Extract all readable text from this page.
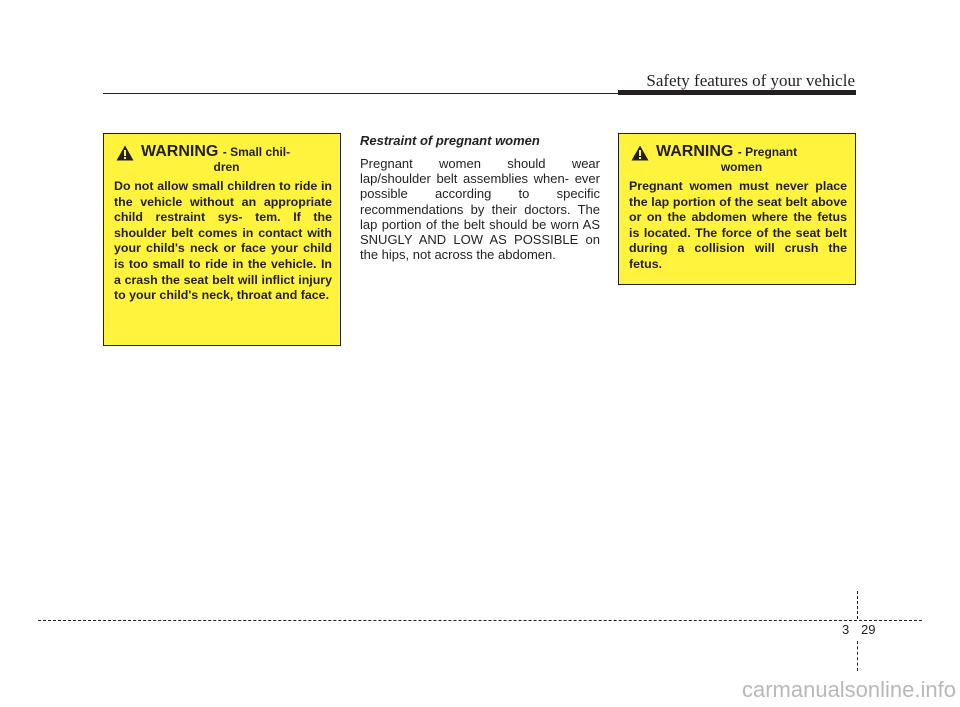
Safety features of your vehicle
WARNING - Small chil-
dren

Do not allow small children to ride in the vehicle without an appropriate child restraint sys- tem. If the shoulder belt comes in contact with your child's neck or face your child is too small to ride in the vehicle. In a crash the seat belt will inflict injury to your child's neck, throat and face.

Restraint of pregnant women

Pregnant women should wear lap/shoulder belt assemblies when- ever possible according to specific recommendations by their doctors. The lap portion of the belt should be worn AS SNUGLY AND LOW AS POSSIBLE on the hips, not across the abdomen.

WARNING - Pregnant
women

Pregnant women must never place the lap portion of the seat belt above or on the abdomen where the fetus is located. The force of the seat belt during a collision will crush the fetus.

3 29
carmanualsonline.info
